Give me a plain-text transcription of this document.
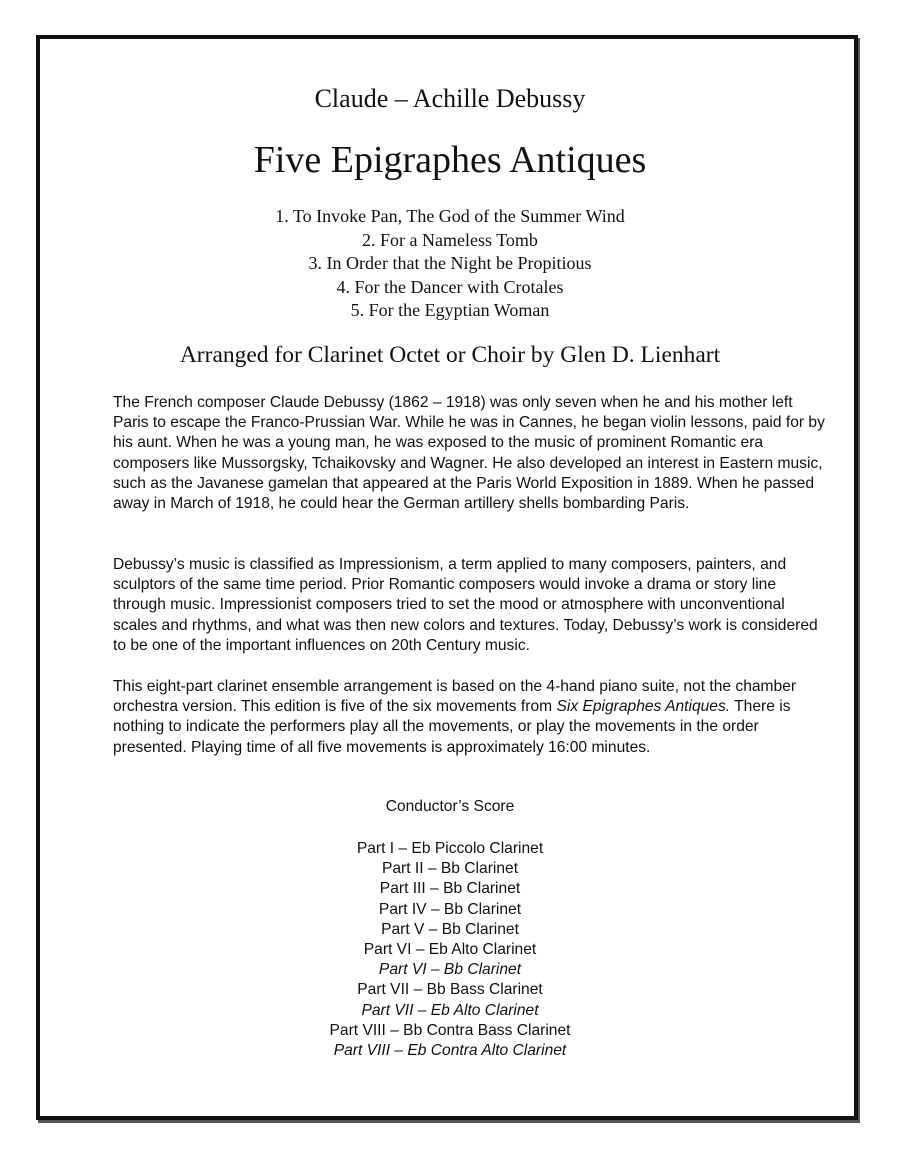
Claude – Achille Debussy
Five Epigraphes Antiques
1. To Invoke Pan, The God of the Summer Wind
2. For a Nameless Tomb
3. In Order that the Night be Propitious
4. For the Dancer with Crotales
5. For the Egyptian Woman
Arranged for Clarinet Octet or Choir by Glen D. Lienhart

The French composer Claude Debussy (1862 – 1918) was only seven when he and his mother left Paris to escape the Franco-Prussian War. While he was in Cannes, he began violin lessons, paid for by his aunt. When he was a young man, he was exposed to the music of prominent Romantic era composers like Mussorgsky, Tchaikovsky and Wagner. He also developed an interest in Eastern music, such as the Javanese gamelan that appeared at the Paris World Exposition in 1889. When he passed away in March of 1918, he could hear the German artillery shells bombarding Paris.

Debussy’s music is classified as Impressionism, a term applied to many composers, painters, and sculptors of the same time period. Prior Romantic composers would invoke a drama or story line through music. Impressionist composers tried to set the mood or atmosphere with unconventional scales and rhythms, and what was then new colors and textures. Today, Debussy’s work is considered to be one of the important influences on 20th Century music.

This eight-part clarinet ensemble arrangement is based on the 4-hand piano suite, not the chamber orchestra version. This edition is five of the six movements from Six Epigraphes Antiques. There is nothing to indicate the performers play all the movements, or play the movements in the order presented. Playing time of all five movements is approximately 16:00 minutes.

Conductor’s Score
Part I – Eb Piccolo Clarinet
Part II – Bb Clarinet
Part III – Bb Clarinet
Part IV – Bb Clarinet
Part V – Bb Clarinet
Part VI – Eb Alto Clarinet
Part VI – Bb Clarinet
Part VII – Bb Bass Clarinet
Part VII – Eb Alto Clarinet
Part VIII – Bb Contra Bass Clarinet
Part VIII – Eb Contra Alto Clarinet
